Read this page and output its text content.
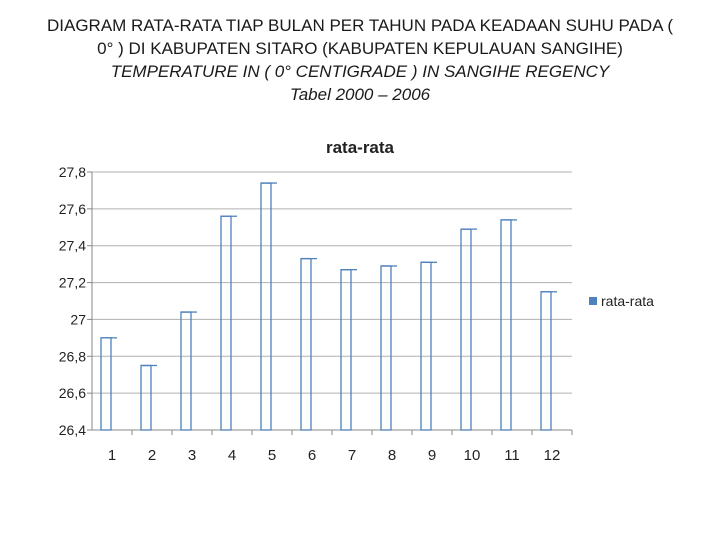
DIAGRAM RATA-RATA TIAP BULAN PER TAHUN PADA KEADAAN SUHU PADA (
0° ) DI KABUPATEN SITARO (KABUPATEN KEPULAUAN SANGIHE)
TEMPERATURE IN ( 0° CENTIGRADE ) IN SANGIHE REGENCY
Tabel 2000 – 2006
rata-rata
26,4
26,6
26,8
27
27,2
27,4
27,6
27,8
1 2 3 4 5 6 7 8 9 10 11 12
rata-rata
